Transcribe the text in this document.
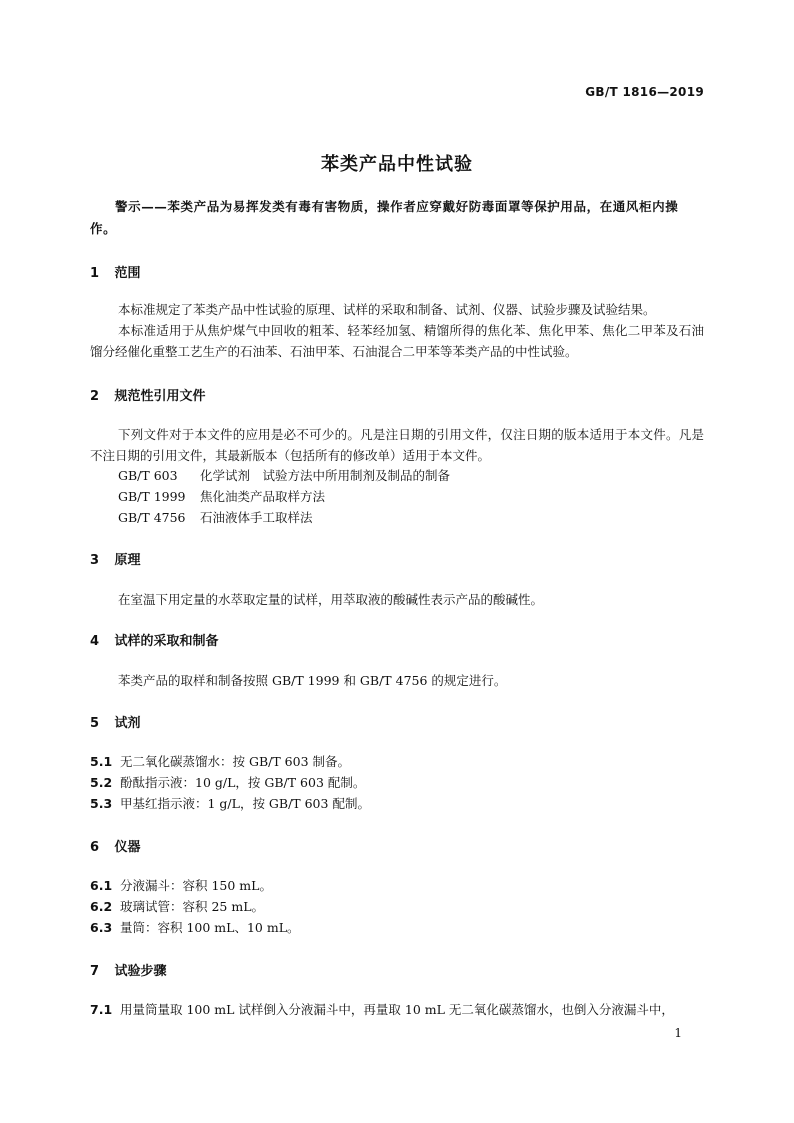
GB/T 1816—2019
苯类产品中性试验
警示——苯类产品为易挥发类有毒有害物质，操作者应穿戴好防毒面罩等保护用品，在通风柜内操作。
1 范围
本标准规定了苯类产品中性试验的原理、试样的采取和制备、试剂、仪器、试验步骤及试验结果。
本标准适用于从焦炉煤气中回收的粗苯、轻苯经加氢、精馏所得的焦化苯、焦化甲苯、焦化二甲苯及石油馏分经催化重整工艺生产的石油苯、石油甲苯、石油混合二甲苯等苯类产品的中性试验。
2 规范性引用文件
下列文件对于本文件的应用是必不可少的。凡是注日期的引用文件，仅注日期的版本适用于本文件。凡是不注日期的引用文件，其最新版本（包括所有的修改单）适用于本文件。
GB/T 603 化学试剂　试验方法中所用制剂及制品的制备
GB/T 1999 焦化油类产品取样方法
GB/T 4756 石油液体手工取样法
3 原理
在室温下用定量的水萃取定量的试样，用萃取液的酸碱性表示产品的酸碱性。
4 试样的采取和制备
苯类产品的取样和制备按照 GB/T 1999 和 GB/T 4756 的规定进行。
5 试剂
5.1 无二氧化碳蒸馏水：按 GB/T 603 制备。
5.2 酚酞指示液：10 g/L，按 GB/T 603 配制。
5.3 甲基红指示液：1 g/L，按 GB/T 603 配制。
6 仪器
6.1 分液漏斗：容积 150 mL。
6.2 玻璃试管：容积 25 mL。
6.3 量筒：容积 100 mL、10 mL。
7 试验步骤
7.1 用量筒量取 100 mL 试样倒入分液漏斗中，再量取 10 mL 无二氧化碳蒸馏水，也倒入分液漏斗中，
1
